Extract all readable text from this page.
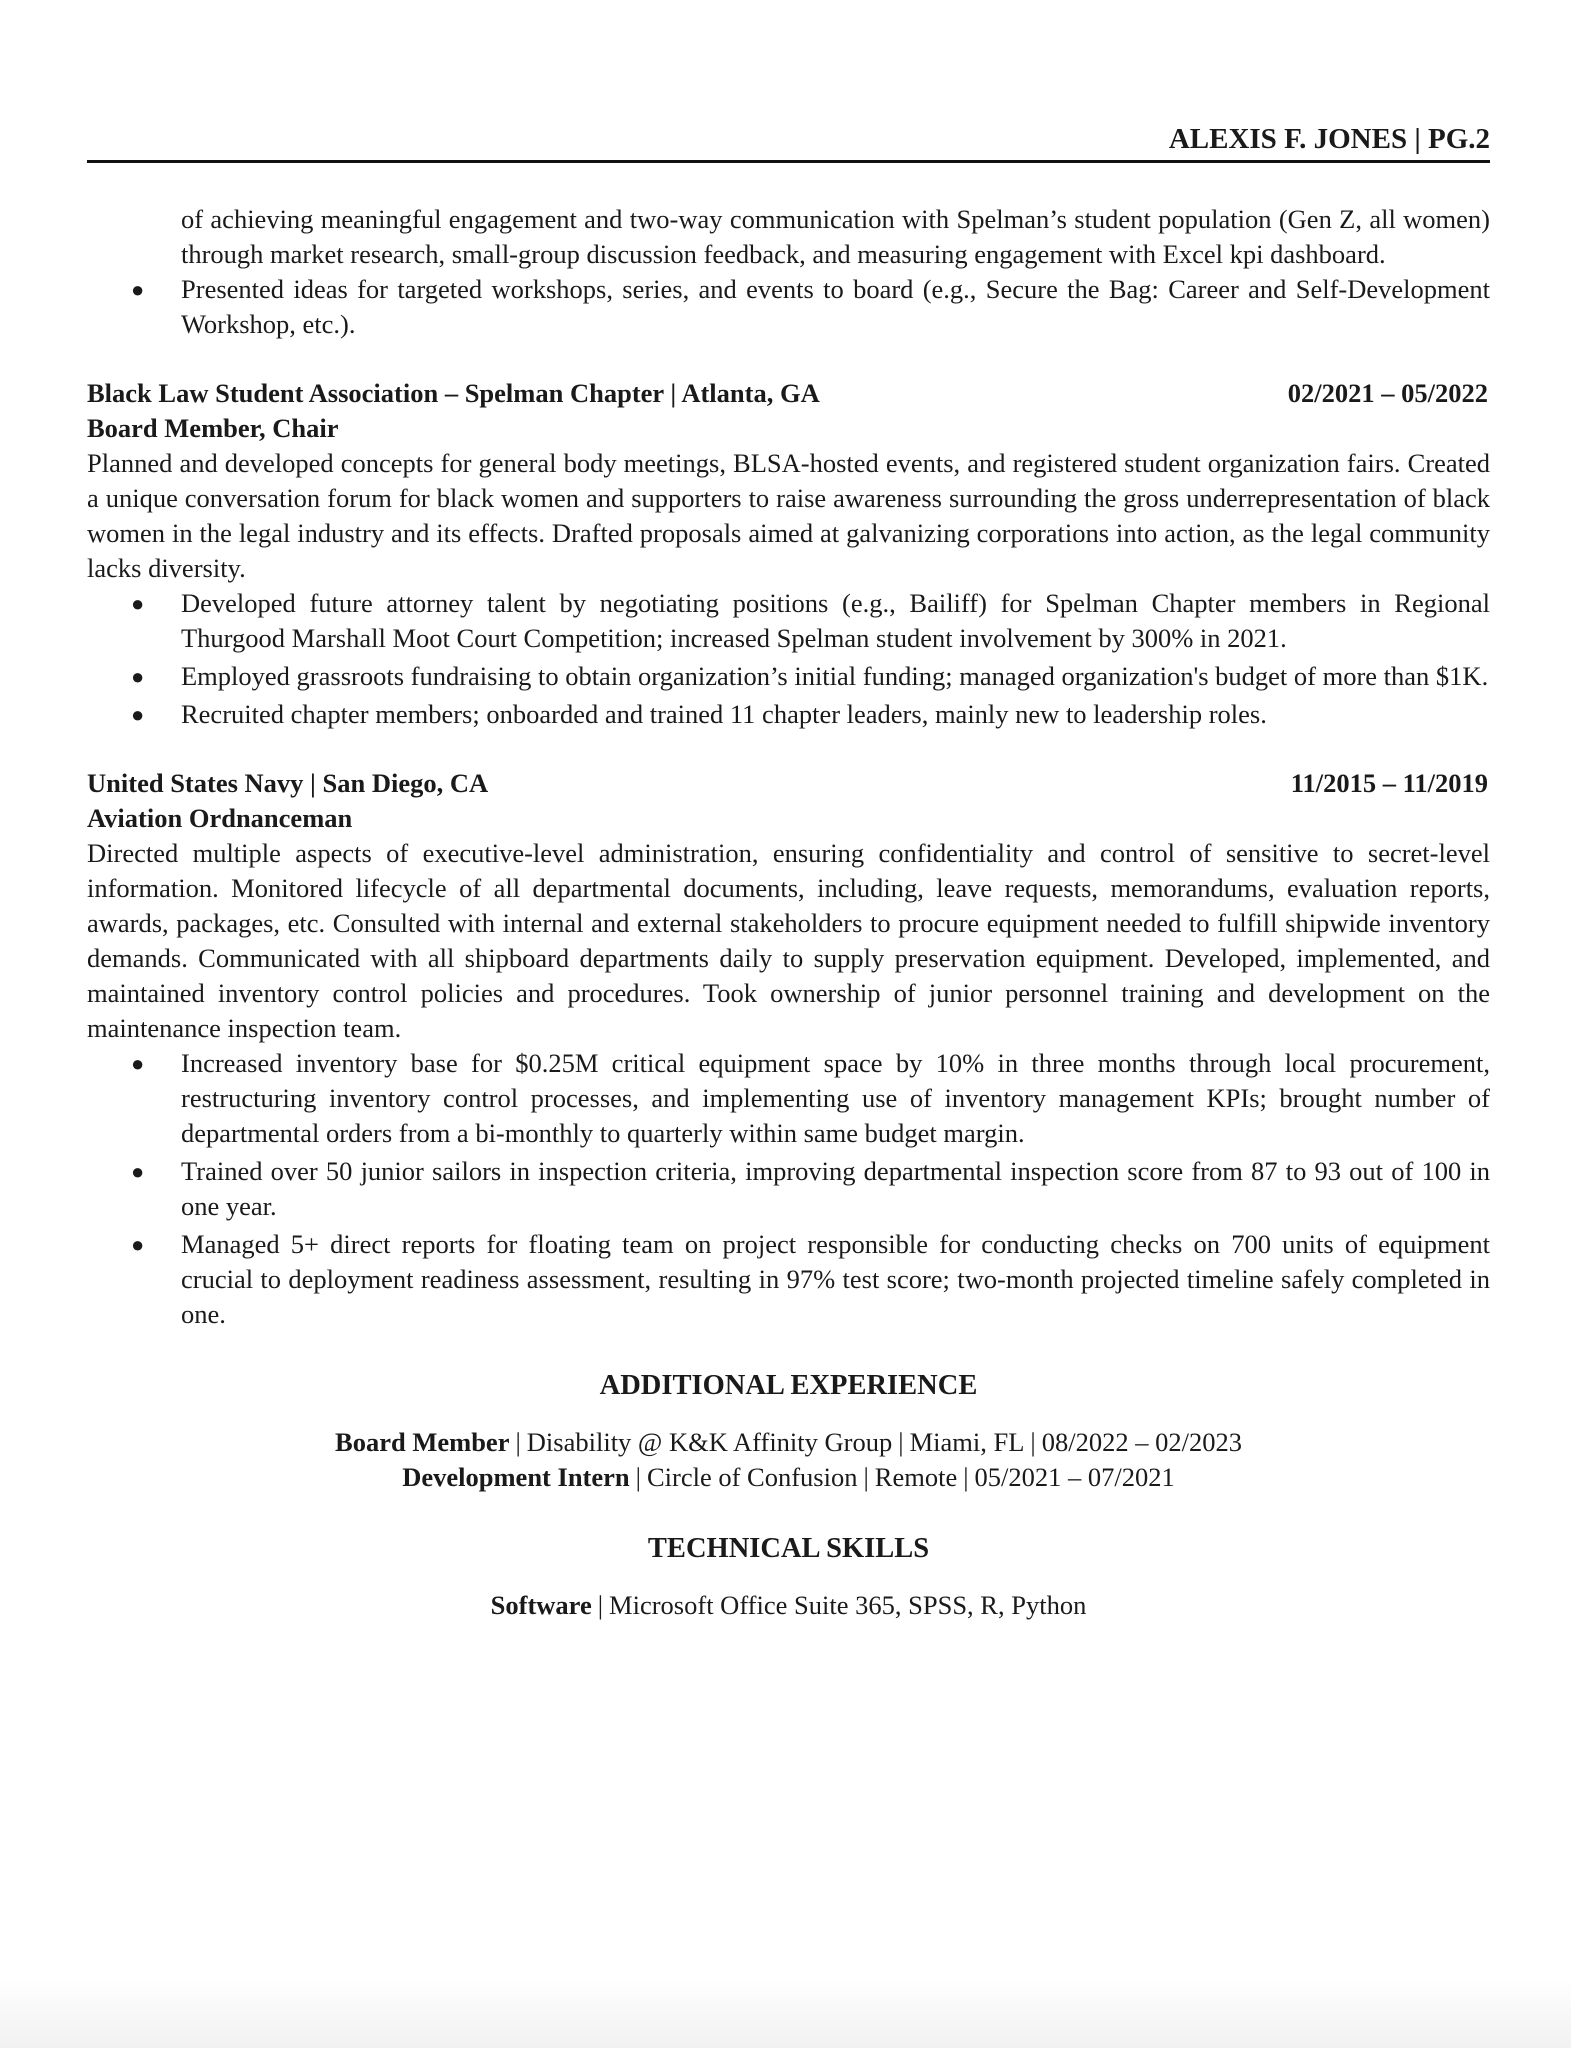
ALEXIS F. JONES | PG.2
of achieving meaningful engagement and two-way communication with Spelman’s student population (Gen Z, all women) through market research, small-group discussion feedback, and measuring engagement with Excel kpi dashboard.
● Presented ideas for targeted workshops, series, and events to board (e.g., Secure the Bag: Career and Self-Development Workshop, etc.).
Black Law Student Association – Spelman Chapter | Atlanta, GA	02/2021 – 05/2022
Board Member, Chair

Planned and developed concepts for general body meetings, BLSA-hosted events, and registered student organization fairs. Created a unique conversation forum for black women and supporters to raise awareness surrounding the gross underrepresentation of black women in the legal industry and its effects. Drafted proposals aimed at galvanizing corporations into action, as the legal community lacks diversity.

● Developed future attorney talent by negotiating positions (e.g., Bailiff) for Spelman Chapter members in Regional Thurgood Marshall Moot Court Competition; increased Spelman student involvement by 300% in 2021.
● Employed grassroots fundraising to obtain organization’s initial funding; managed organization's budget of more than $1K.
● Recruited chapter members; onboarded and trained 11 chapter leaders, mainly new to leadership roles.
United States Navy | San Diego, CA	11/2015 – 11/2019
Aviation Ordnanceman

Directed multiple aspects of executive-level administration, ensuring confidentiality and control of sensitive to secret-level information. Monitored lifecycle of all departmental documents, including, leave requests, memorandums, evaluation reports, awards, packages, etc. Consulted with internal and external stakeholders to procure equipment needed to fulfill shipwide inventory demands. Communicated with all shipboard departments daily to supply preservation equipment. Developed, implemented, and maintained inventory control policies and procedures. Took ownership of junior personnel training and development on the maintenance inspection team.

● Increased inventory base for $0.25M critical equipment space by 10% in three months through local procurement, restructuring inventory control processes, and implementing use of inventory management KPIs; brought number of departmental orders from a bi-monthly to quarterly within same budget margin.
● Trained over 50 junior sailors in inspection criteria, improving departmental inspection score from 87 to 93 out of 100 in one year.
● Managed 5+ direct reports for floating team on project responsible for conducting checks on 700 units of equipment crucial to deployment readiness assessment, resulting in 97% test score; two-month projected timeline safely completed in one.
ADDITIONAL EXPERIENCE
Board Member | Disability @ K&K Affinity Group | Miami, FL | 08/2022 – 02/2023
Development Intern | Circle of Confusion | Remote | 05/2021 – 07/2021
TECHNICAL SKILLS
Software | Microsoft Office Suite 365, SPSS, R, Python
